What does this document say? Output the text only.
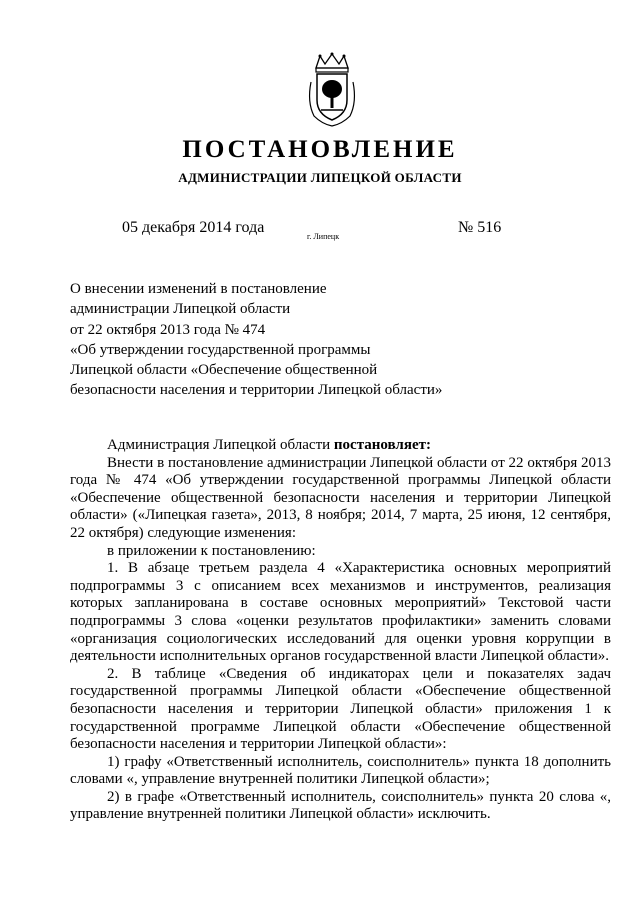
ПОСТАНОВЛЕНИЕ
АДМИНИСТРАЦИИ ЛИПЕЦКОЙ ОБЛАСТИ
05 декабря 2014 года
г. Липецк
№ 516
О внесении изменений в постановление
администрации Липецкой области
от 22 октября 2013 года № 474
«Об утверждении государственной программы
Липецкой области «Обеспечение общественной
безопасности населения и территории Липецкой области»

Администрация Липецкой области постановляет:

Внести в постановление администрации Липецкой области от 22 октября 2013 года № 474 «Об утверждении государственной программы Липецкой области «Обеспечение общественной безопасности населения и территории Липецкой области» («Липецкая газета», 2013, 8 ноября; 2014, 7 марта, 25 июня, 12 сентября, 22 октября) следующие изменения:

в приложении к постановлению:

1. В абзаце третьем раздела 4 «Характеристика основных мероприятий подпрограммы 3 с описанием всех механизмов и инструментов, реализация которых запланирована в составе основных мероприятий» Текстовой части подпрограммы 3 слова «оценки результатов профилактики» заменить словами «организация социологических исследований для оценки уровня коррупции в деятельности исполнительных органов государственной власти Липецкой области».

2. В таблице «Сведения об индикаторах цели и показателях задач государственной программы Липецкой области «Обеспечение общественной безопасности населения и территории Липецкой области» приложения 1 к государственной программе Липецкой области «Обеспечение общественной безопасности населения и территории Липецкой области»:

1) графу «Ответственный исполнитель, соисполнитель» пункта 18 дополнить словами «, управление внутренней политики Липецкой области»;

2) в графе «Ответственный исполнитель, соисполнитель» пункта 20 слова «, управление внутренней политики Липецкой области» исключить.
